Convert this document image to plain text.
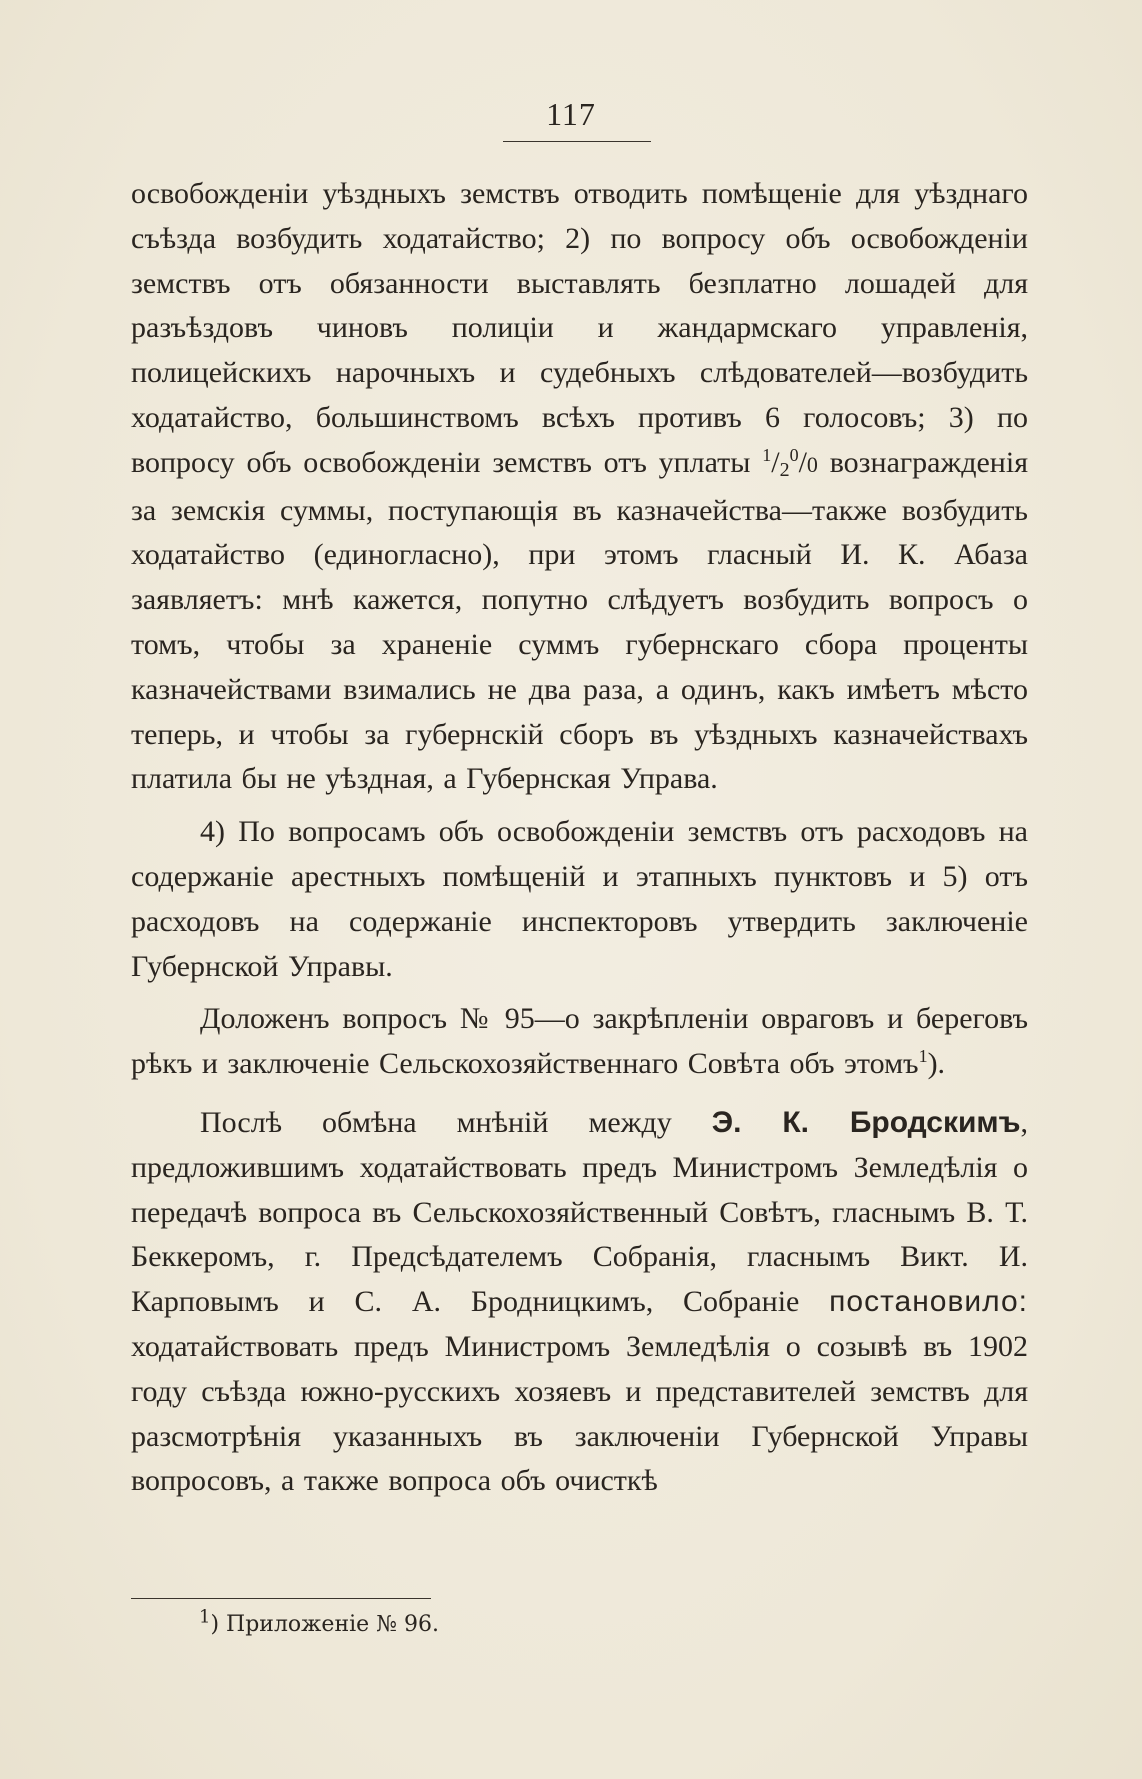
117

освобожденіи уѣздныхъ земствъ отводить помѣщеніе для уѣзднаго съѣзда возбудить ходатайство; 2) по вопросу объ освобожденіи земствъ отъ обязанности выставлять безплатно лошадей для разъѣздовъ чиновъ полиціи и жандармскаго управленія, полицейскихъ нарочныхъ и судебныхъ слѣдователей—возбудить ходатайство, большинствомъ всѣхъ противъ 6 голосовъ; 3) по вопросу объ освобожденіи земствъ отъ уплаты $^1/2^0/0$ вознагражденія за земскія суммы, поступающія въ казначейства—также возбудить ходатайство (единогласно), при этомъ гласный И. К. Абаза заявляетъ: мнѣ кажется, попутно слѣдуетъ возбудить вопросъ о томъ, чтобы за храненіе суммъ губернскаго сбора проценты казначействами взимались не два раза, а одинъ, какъ имѣетъ мѣсто теперь, и чтобы за губернскій сборъ въ уѣздныхъ казначействахъ платила бы не уѣздная, а Губернская Управа.

4) По вопросамъ объ освобожденіи земствъ отъ расходовъ на содержаніе арестныхъ помѣщеній и этапныхъ пунктовъ и 5) отъ расходовъ на содержаніе инспекторовъ утвердить заключеніе Губернской Управы.

Доложенъ вопросъ № 95—о закрѣпленіи овраговъ и береговъ рѣкъ и заключеніе Сельскохозяйственнаго Совѣта объ этомъ$^1$).

Послѣ обмѣна мнѣній между Э. К. Бродскимъ, предложившимъ ходатайствовать предъ Министромъ Земледѣлія о передачѣ вопроса въ Сельскохозяйственный Совѣтъ, гласнымъ В. Т. Беккеромъ, г. Предсѣдателемъ Собранія, гласнымъ Викт. И. Карповымъ и С. А. Бродницкимъ, Собраніе постановило: ходатайствовать предъ Министромъ Земледѣлія о созывѣ въ 1902 году съѣзда южно-русскихъ хозяевъ и представителей земствъ для разсмотрѣнія указанныхъ въ заключеніи Губернской Управы вопросовъ, а также вопроса объ очисткѣ

$^1$) Приложеніе № 96.
